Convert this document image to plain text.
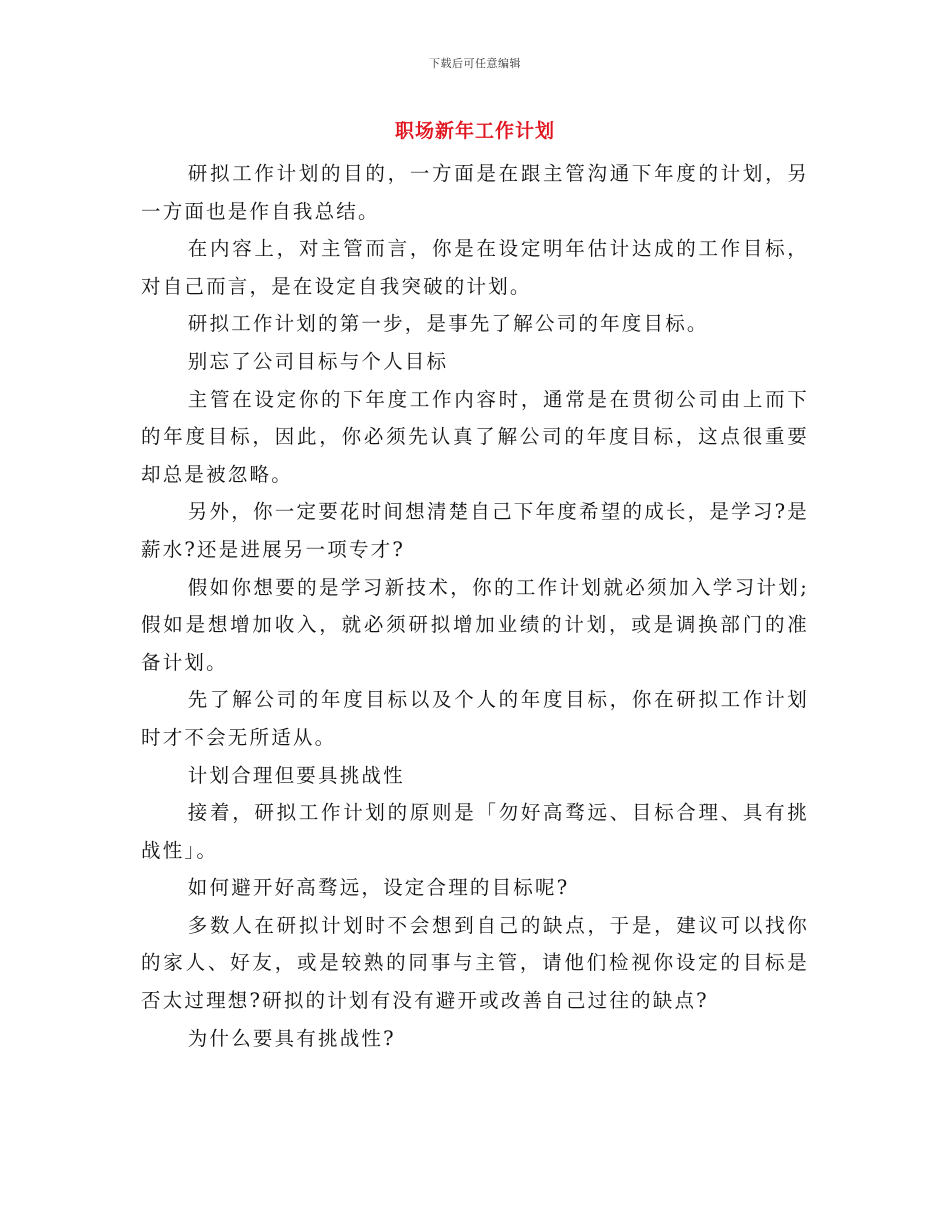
下载后可任意编辑
职场新年工作计划

研拟工作计划的目的，一方面是在跟主管沟通下年度的计划，另一方面也是作自我总结。

在内容上，对主管而言，你是在设定明年估计达成的工作目标，对自己而言，是在设定自我突破的计划。

研拟工作计划的第一步，是事先了解公司的年度目标。

别忘了公司目标与个人目标

主管在设定你的下年度工作内容时，通常是在贯彻公司由上而下的年度目标，因此，你必须先认真了解公司的年度目标，这点很重要却总是被忽略。

另外，你一定要花时间想清楚自己下年度希望的成长，是学习?是薪水?还是进展另一项专才?

假如你想要的是学习新技术，你的工作计划就必须加入学习计划;假如是想增加收入，就必须研拟增加业绩的计划，或是调换部门的准备计划。

先了解公司的年度目标以及个人的年度目标，你在研拟工作计划时才不会无所适从。

计划合理但要具挑战性

接着，研拟工作计划的原则是「勿好高骛远、目标合理、具有挑战性」。

如何避开好高骛远，设定合理的目标呢?

多数人在研拟计划时不会想到自己的缺点，于是，建议可以找你的家人、好友，或是较熟的同事与主管，请他们检视你设定的目标是否太过理想?研拟的计划有没有避开或改善自己过往的缺点?

为什么要具有挑战性?
